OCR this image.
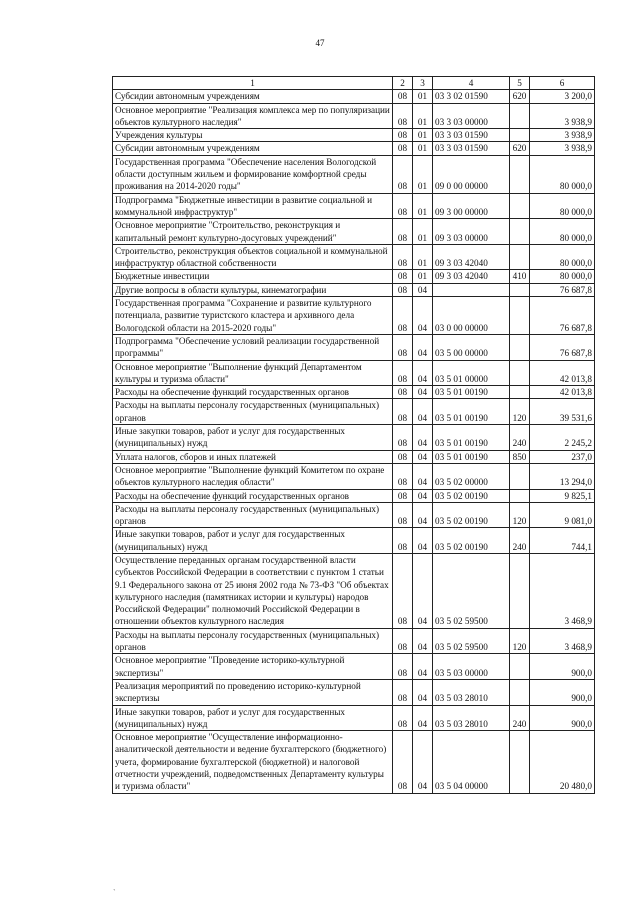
47
1	2	3	4	5	6
Субсидии автономным учреждениям	08	01	03 3 02 01590	620	3 200,0
Основное мероприятие "Реализация комплекса мер по популяризации объектов культурного наследия"	08	01	03 3 03 00000		3 938,9
Учреждения культуры	08	01	03 3 03 01590		3 938,9
Субсидии автономным учреждениям	08	01	03 3 03 01590	620	3 938,9
Государственная программа "Обеспечение населения Вологодской области доступным жильем и формирование комфортной среды проживания на 2014-2020 годы"	08	01	09 0 00 00000		80 000,0
Подпрограмма "Бюджетные инвестиции в развитие социальной и коммунальной инфраструктур"	08	01	09 3 00 00000		80 000,0
Основное мероприятие "Строительство, реконструкция и капитальный ремонт культурно-досуговых учреждений"	08	01	09 3 03 00000		80 000,0
Строительство, реконструкция объектов социальной и коммунальной инфраструктур областной собственности	08	01	09 3 03 42040		80 000,0
Бюджетные инвестиции	08	01	09 3 03 42040	410	80 000,0
Другие вопросы в области культуры, кинематографии	08	04			76 687,8
Государственная программа "Сохранение и развитие культурного потенциала, развитие туристского кластера и архивного дела Вологодской области на 2015-2020 годы"	08	04	03 0 00 00000		76 687,8
Подпрограмма "Обеспечение условий реализации государственной программы"	08	04	03 5 00 00000		76 687,8
Основное мероприятие "Выполнение функций Департаментом культуры и туризма области"	08	04	03 5 01 00000		42 013,8
Расходы на обеспечение функций государственных органов	08	04	03 5 01 00190		42 013,8
Расходы на выплаты персоналу государственных (муниципальных) органов	08	04	03 5 01 00190	120	39 531,6
Иные закупки товаров, работ и услуг для государственных (муниципальных) нужд	08	04	03 5 01 00190	240	2 245,2
Уплата налогов, сборов и иных платежей	08	04	03 5 01 00190	850	237,0
Основное мероприятие "Выполнение функций Комитетом по охране объектов культурного наследия области"	08	04	03 5 02 00000		13 294,0
Расходы на обеспечение функций государственных органов	08	04	03 5 02 00190		9 825,1
Расходы на выплаты персоналу государственных (муниципальных) органов	08	04	03 5 02 00190	120	9 081,0
Иные закупки товаров, работ и услуг для государственных (муниципальных) нужд	08	04	03 5 02 00190	240	744,1
Осуществление переданных органам государственной власти субъектов Российской Федерации в соответствии с пунктом 1 статьи 9.1 Федерального закона от 25 июня 2002 года № 73-ФЗ "Об объектах культурного наследия (памятниках истории и культуры) народов Российской Федерации" полномочий Российской Федерации в отношении объектов культурного наследия	08	04	03 5 02 59500		3 468,9
Расходы на выплаты персоналу государственных (муниципальных) органов	08	04	03 5 02 59500	120	3 468,9
Основное мероприятие "Проведение историко-культурной экспертизы"	08	04	03 5 03 00000		900,0
Реализация мероприятий по проведению историко-культурной экспертизы	08	04	03 5 03 28010		900,0
Иные закупки товаров, работ и услуг для государственных (муниципальных) нужд	08	04	03 5 03 28010	240	900,0
Основное мероприятие "Осуществление информационно-аналитической деятельности и ведение бухгалтерского (бюджетного) учета, формирование бухгалтерской (бюджетной) и налоговой отчетности учреждений, подведомственных Департаменту культуры и туризма области"	08	04	03 5 04 00000		20 480,0
`
